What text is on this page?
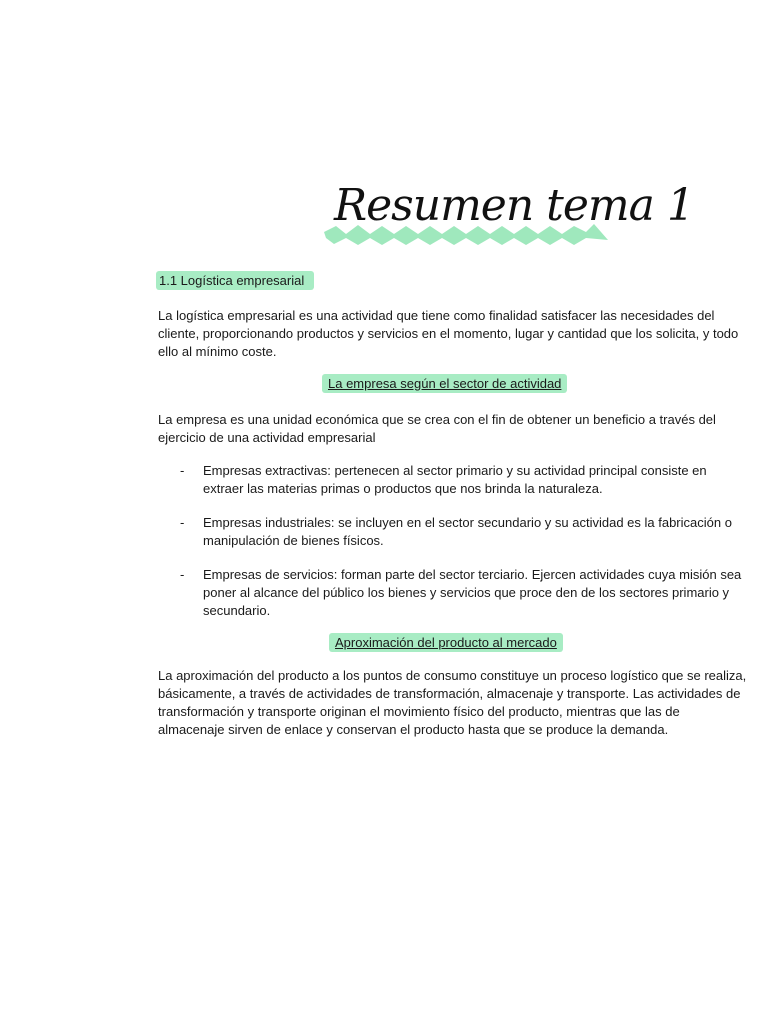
Resumen tema 1
1.1 Logística empresarial

La logística empresarial es una actividad que tiene como finalidad satisfacer las necesidades del cliente, proporcionando productos y servicios en el momento, lugar y cantidad que los solicita, y todo ello al mínimo coste.

La empresa según el sector de actividad

La empresa es una unidad económica que se crea con el fin de obtener un beneficio a través del ejercicio de una actividad empresarial

- Empresas extractivas: pertenecen al sector primario y su actividad principal consiste en extraer las materias primas o productos que nos brinda la naturaleza.
- Empresas industriales: se incluyen en el sector secundario y su actividad es la fabricación o manipulación de bienes físicos.
- Empresas de servicios: forman parte del sector terciario. Ejercen actividades cuya misión sea poner al alcance del público los bienes y servicios que proce den de los sectores primario y secundario.
Aproximación del producto al mercado

La aproximación del producto a los puntos de consumo constituye un proceso logístico que se realiza, básicamente, a través de actividades de transformación, almacenaje y transporte. Las actividades de transformación y transporte originan el movimiento físico del producto, mientras que las de almacenaje sirven de enlace y conservan el producto hasta que se produce la demanda.
